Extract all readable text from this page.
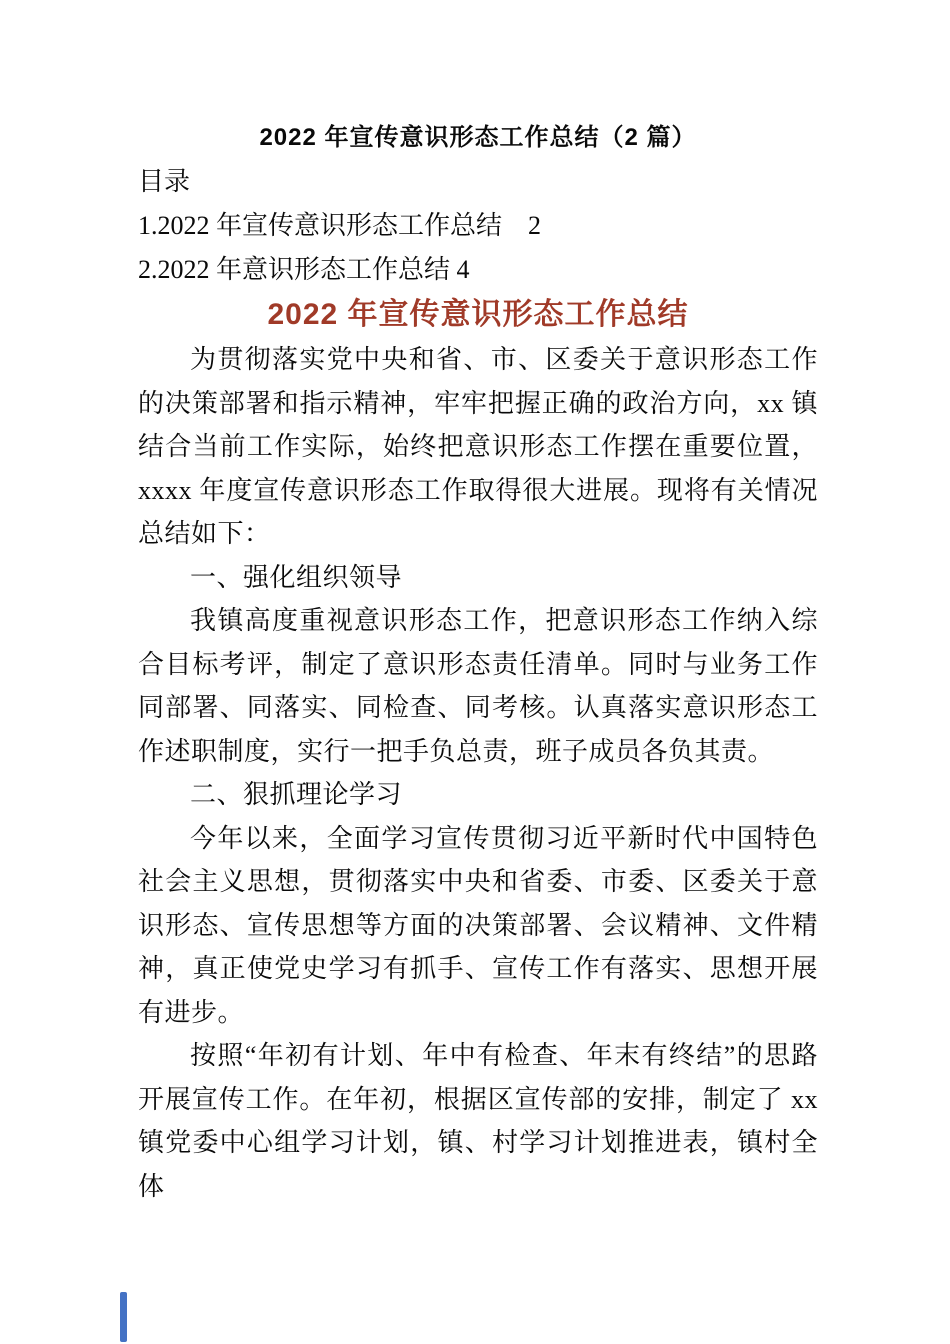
2022 年宣传意识形态工作总结（2 篇）
目录
1.2022 年宣传意识形态工作总结　2
2.2022 年意识形态工作总结 4
2022 年宣传意识形态工作总结

为贯彻落实党中央和省、市、区委关于意识形态工作的决策部署和指示精神，牢牢把握正确的政治方向，xx 镇结合当前工作实际，始终把意识形态工作摆在重要位置，xxxx 年度宣传意识形态工作取得很大进展。现将有关情况总结如下：

一、强化组织领导

我镇高度重视意识形态工作，把意识形态工作纳入综合目标考评，制定了意识形态责任清单。同时与业务工作同部署、同落实、同检查、同考核。认真落实意识形态工作述职制度，实行一把手负总责，班子成员各负其责。

二、狠抓理论学习

今年以来，全面学习宣传贯彻习近平新时代中国特色社会主义思想，贯彻落实中央和省委、市委、区委关于意识形态、宣传思想等方面的决策部署、会议精神、文件精神，真正使党史学习有抓手、宣传工作有落实、思想开展有进步。

按照“年初有计划、年中有检查、年末有终结”的思路开展宣传工作。在年初，根据区宣传部的安排，制定了 xx 镇党委中心组学习计划，镇、村学习计划推进表，镇村全体
